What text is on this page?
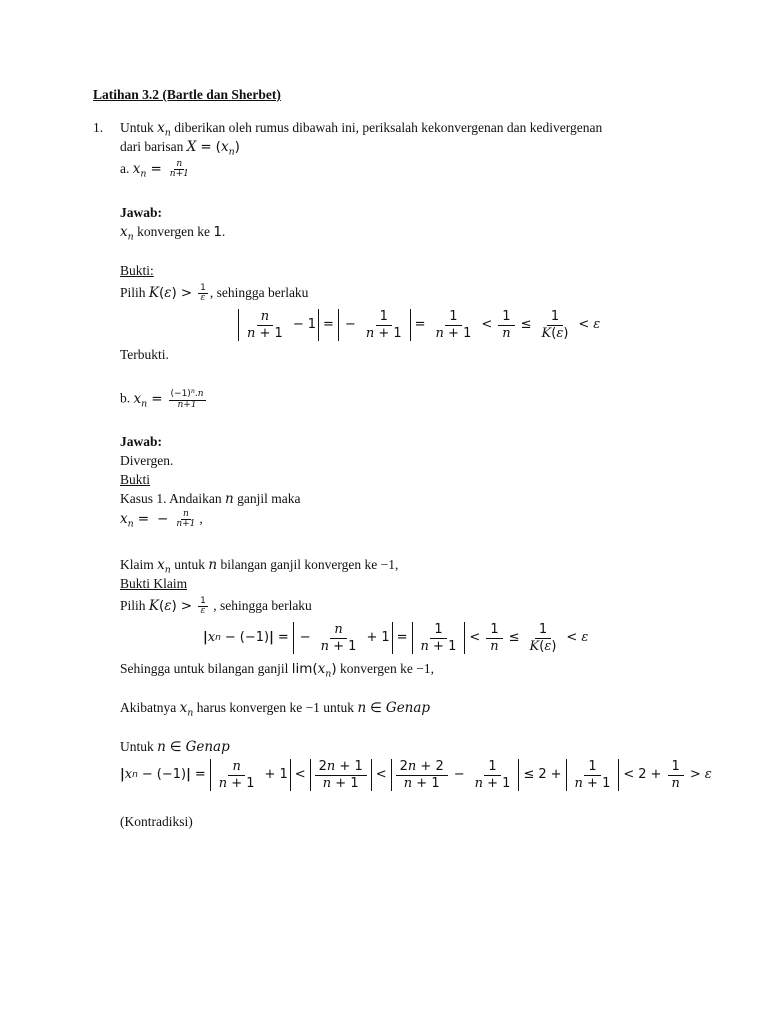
Latihan 3.2 (Bartle dan Sherbet)
1. Untuk $x_n$ diberikan oleh rumus dibawah ini, periksalah kekonvergenan dan kedivergenan
dari barisan $X = (x_n)$
a. $x_n = \frac{n}{n+1}$
Jawab:
$x_n$ konvergen ke 1.
Bukti:
Pilih $K(\varepsilon) > \frac{1}{\varepsilon}$ , sehingga berlaku
$\frac{n}{n + 1} - 1$ = − $\frac{1}{n + 1} = \frac{1}{n + 1} < \frac{1}{n} \le \frac{1}{K(\varepsilon)} < \varepsilon$
Terbukti.
b. $x_n = \frac{(-1)^n.n}{n+1}$
Jawab:
Divergen.
Bukti
Kasus 1. Andaikan n ganjil maka
$x_n$ = − $\frac{n}{n+1}$ ,
Klaim $x_n$ untuk n bilangan ganjil konvergen ke −1,
Bukti Klaim
Pilih $K(\varepsilon) > \frac{1}{\varepsilon}$ , sehingga berlaku
| x n − (−1) | = − $\frac{n}{n + 1} + 1 = \frac{1}{n + 1} < \frac{1}{n} \le \frac{1}{K(\varepsilon)} < \varepsilon$
Sehingga untuk bilangan ganjil $\lim(x_n)$ konvergen ke −1,
Akibatnya $x_n$ harus konvergen ke −1 untuk n ∈ Genap
Untuk n ∈ Genap
| x n − (−1) | = $\frac{n}{n + 1} + 1 < \frac{2n + 1}{n + 1} < \frac{2n + 2}{n + 1} - \frac{1}{n + 1} \le 2 + \frac{1}{n + 1} < 2 + \frac{1}{n} > \varepsilon$
(Kontradiksi)
